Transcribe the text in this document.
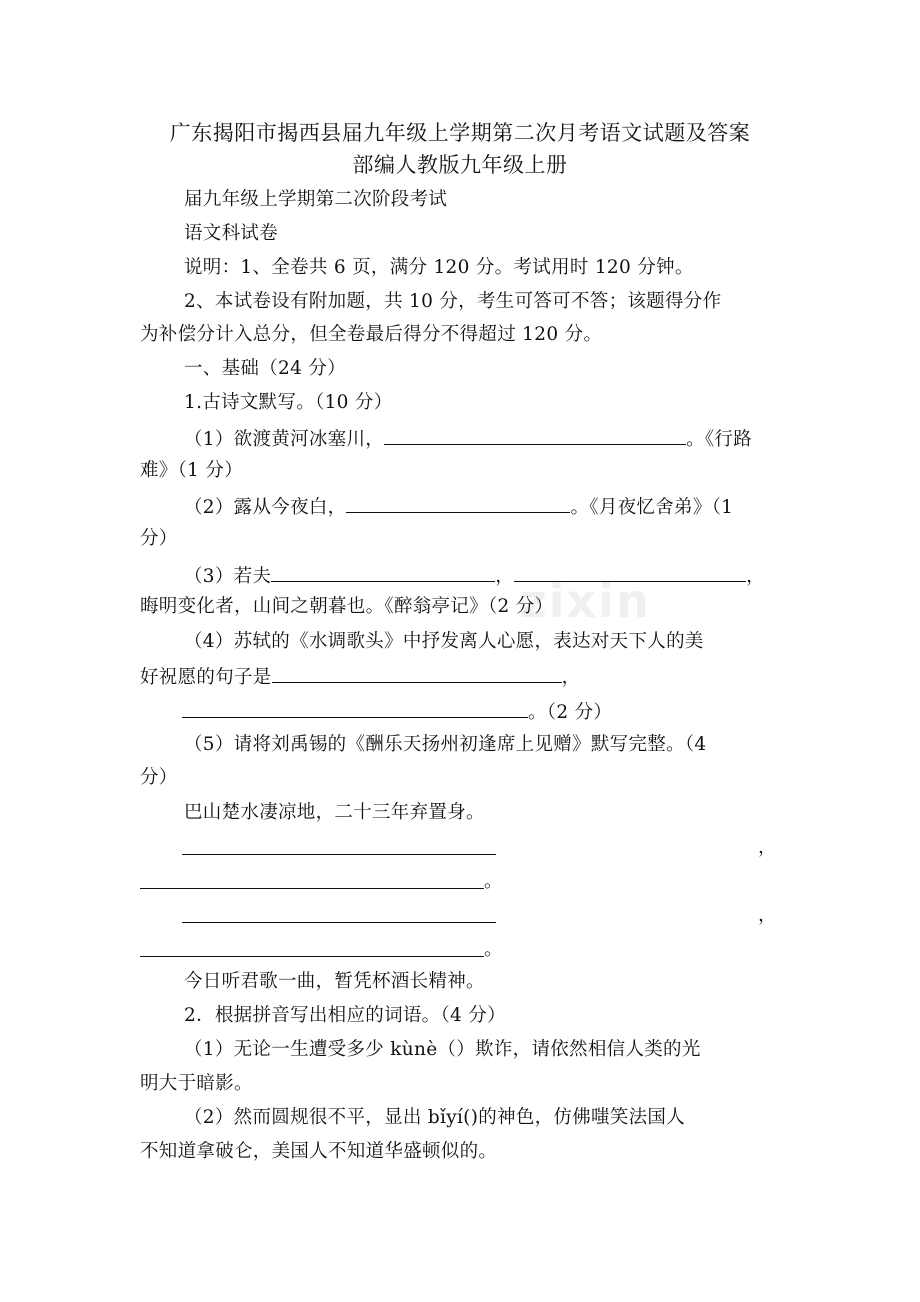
广东揭阳市揭西县届九年级上学期第二次月考语文试题及答案
部编人教版九年级上册
zixin
届九年级上学期第二次阶段考试
语文科试卷
说明：1、全卷共 6 页，满分 120 分。考试用时 120 分钟。
2、本试卷设有附加题，共 10 分，考生可答可不答；该题得分作
为补偿分计入总分，但全卷最后得分不得超过 120 分。
一、基础（24 分）
1.古诗文默写。（10 分）
（1）欲渡黄河冰塞川，	。《行路
难》（1 分）
（2）露从今夜白，	。《月夜忆舍弟》（1
分）
（3）若夫	，	，
晦明变化者，山间之朝暮也。《醉翁亭记》（2 分）
（4）苏轼的《水调歌头》中抒发离人心愿，表达对天下人的美
好祝愿的句子是	，
。（2 分）
（5）请将刘禹锡的《酬乐天扬州初逢席上见赠》默写完整。（4
分）
巴山楚水凄凉地，二十三年弃置身。
，
。
，
。
今日听君歌一曲，暂凭杯酒长精神。
2．根据拼音写出相应的词语。（4 分）
（1）无论一生遭受多少 kùnè（）欺诈，请依然相信人类的光
明大于暗影。
（2）然而圆规很不平，显出 bǐyí()的神色，仿佛嗤笑法国人
不知道拿破仑，美国人不知道华盛顿似的。
